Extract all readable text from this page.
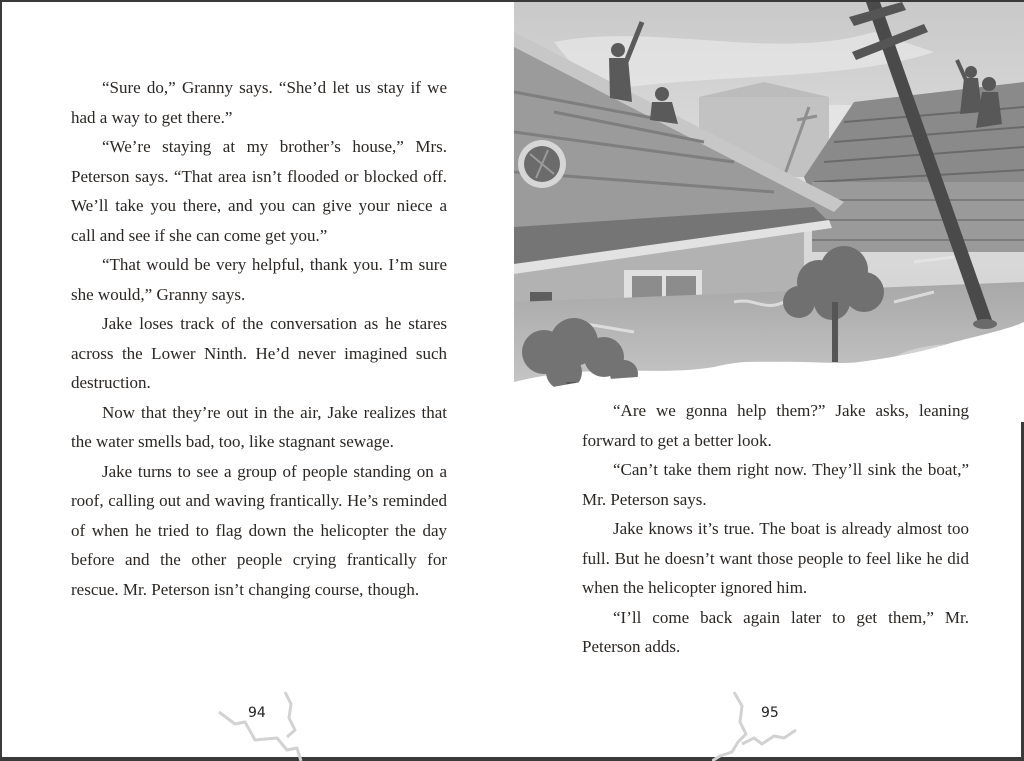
“Sure do,” Granny says. “She’d let us stay if we had a way to get there.”

“We’re staying at my brother’s house,” Mrs. Peterson says. “That area isn’t flooded or blocked off. We’ll take you there, and you can give your niece a call and see if she can come get you.”

“That would be very helpful, thank you. I’m sure she would,” Granny says.

Jake loses track of the conversation as he stares across the Lower Ninth. He’d never imagined such destruction.

Now that they’re out in the air, Jake realizes that the water smells bad, too, like stagnant sewage.

Jake turns to see a group of people standing on a roof, calling out and waving frantically. He’s reminded of when he tried to flag down the helicopter the day before and the other people crying frantically for rescue. Mr. Peterson isn’t changing course, though.

94

“Are we gonna help them?” Jake asks, leaning forward to get a better look.

“Can’t take them right now. They’ll sink the boat,” Mr. Peterson says.

Jake knows it’s true. The boat is already almost too full. But he doesn’t want those people to feel like he did when the helicopter ignored him.

“I’ll come back again later to get them,” Mr. Peterson adds.

95
